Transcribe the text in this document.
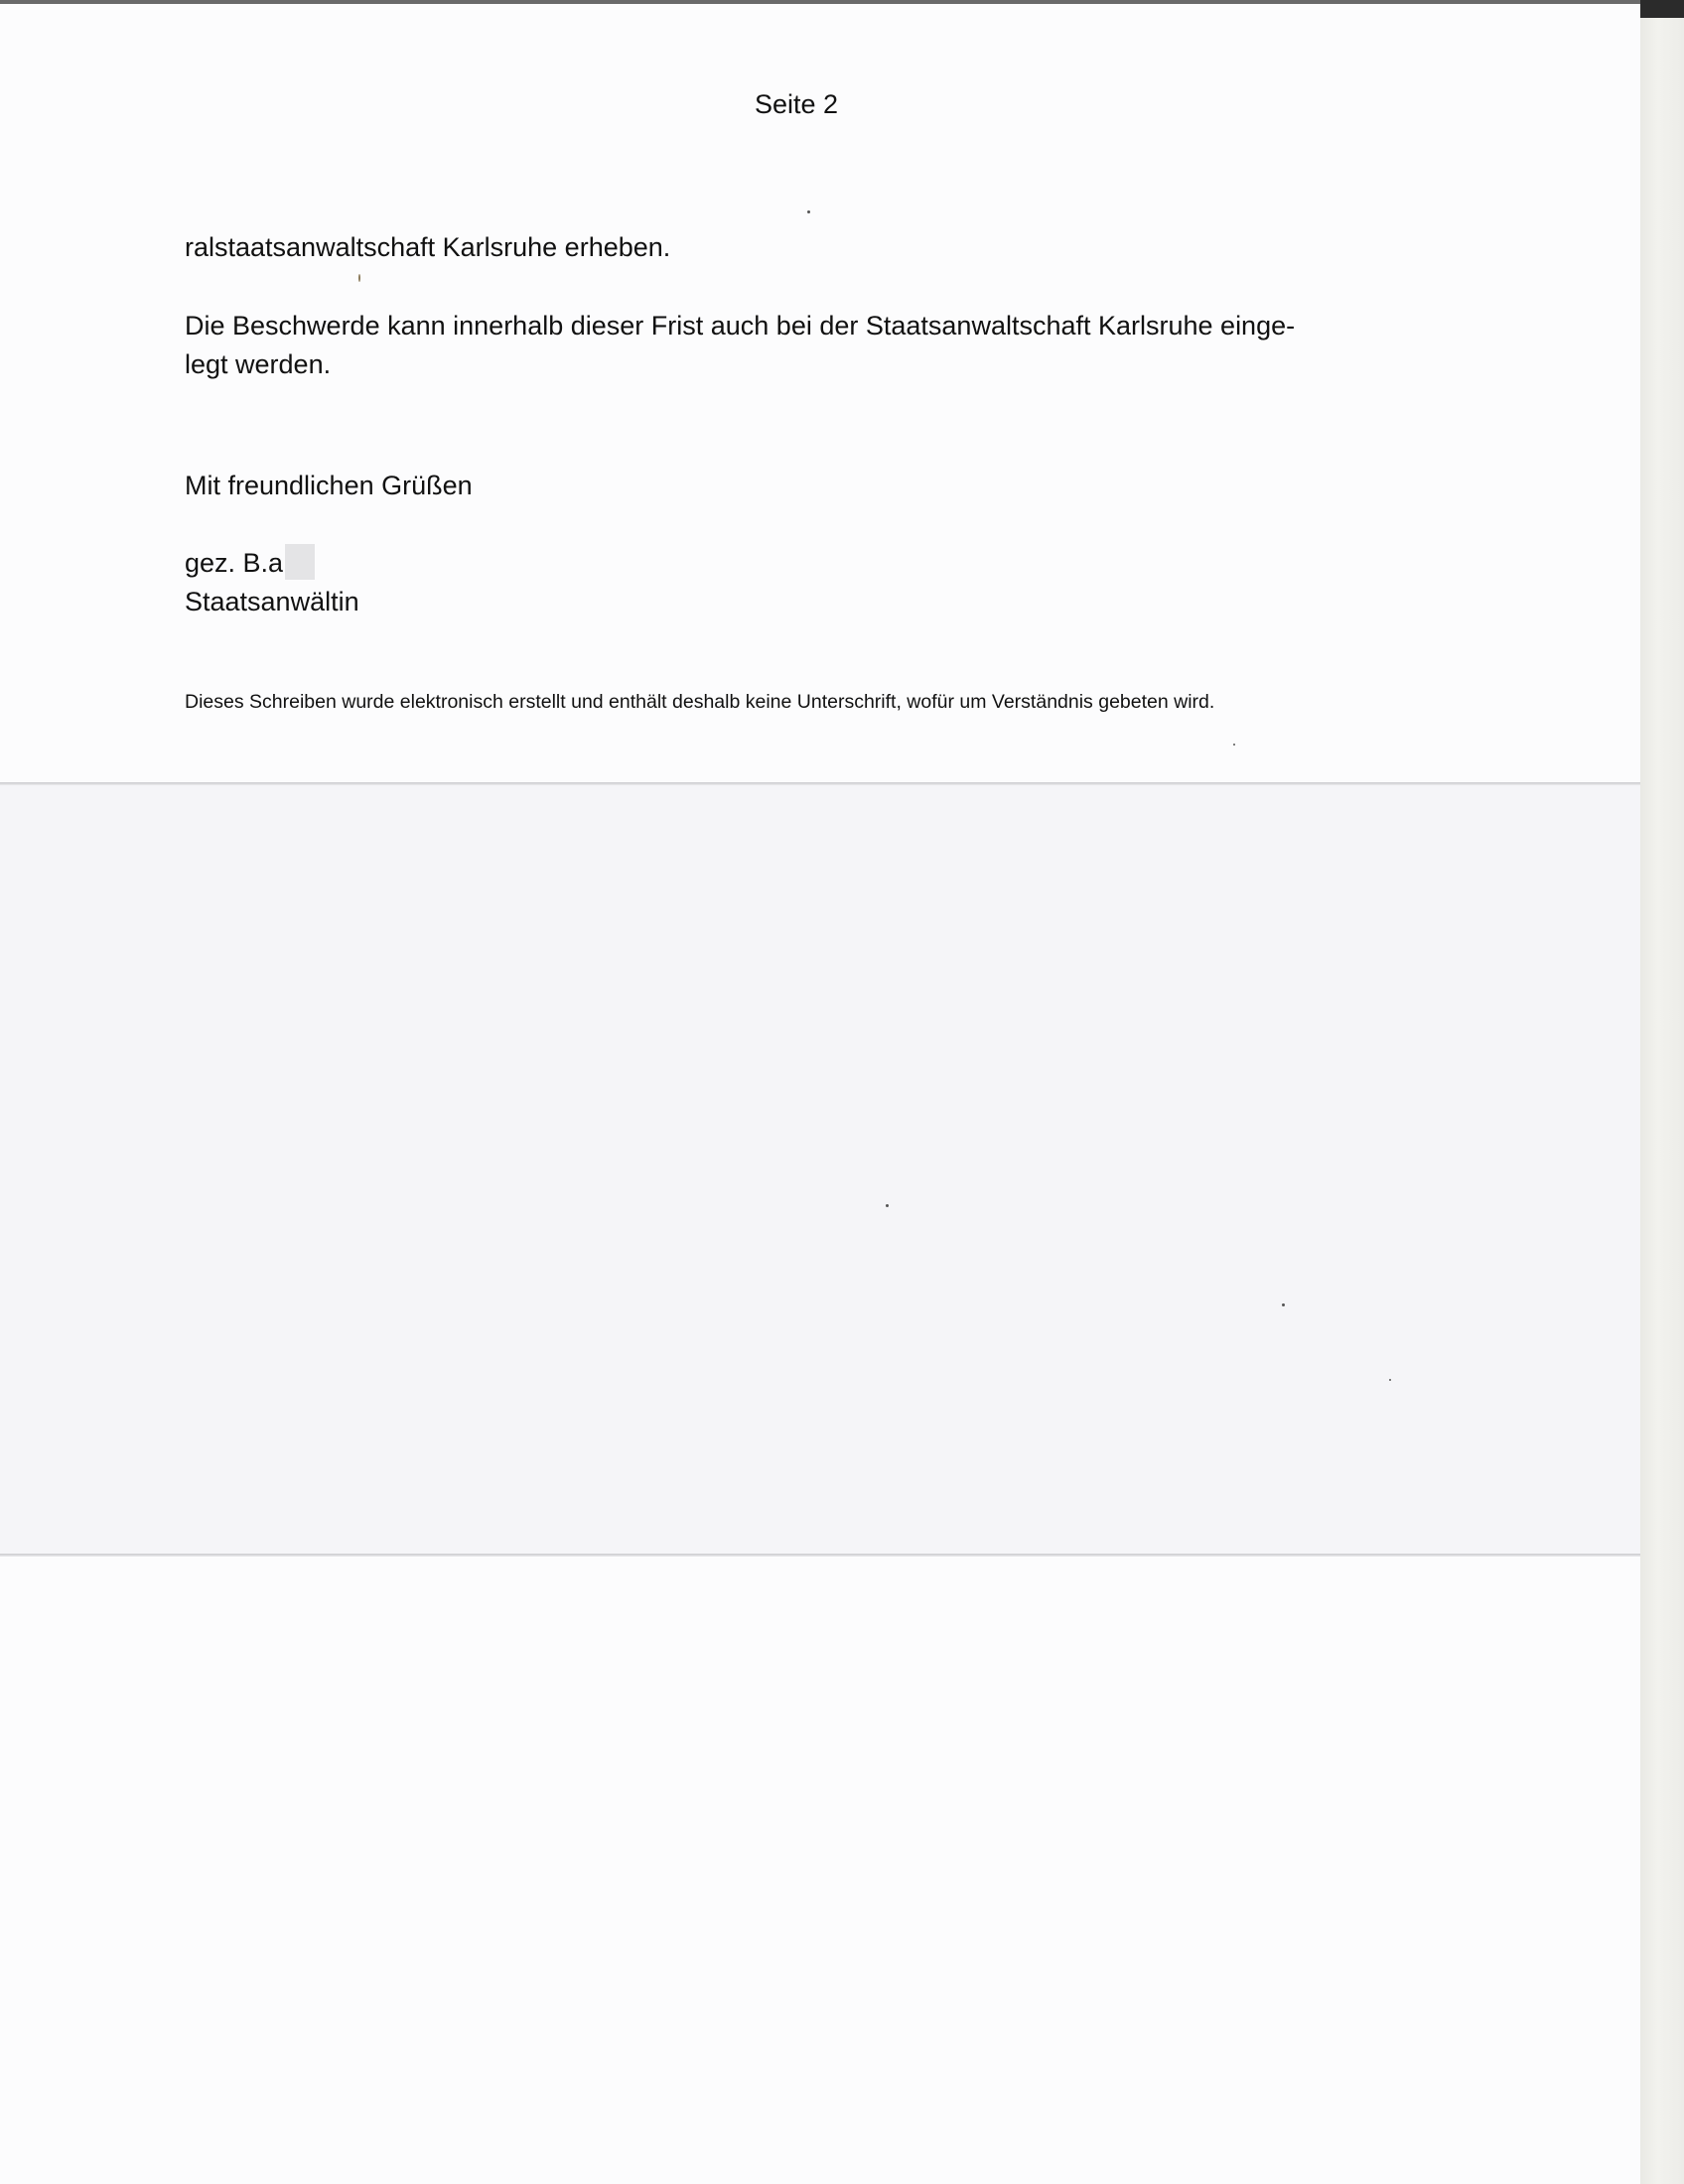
Seite 2
ralstaatsanwaltschaft Karlsruhe erheben.
Die Beschwerde kann innerhalb dieser Frist auch bei der Staatsanwaltschaft Karlsruhe einge-
legt werden.
Mit freundlichen Grüßen
gez. B.a
Staatsanwältin
Dieses Schreiben wurde elektronisch erstellt und enthält deshalb keine Unterschrift, wofür um Verständnis gebeten wird.
